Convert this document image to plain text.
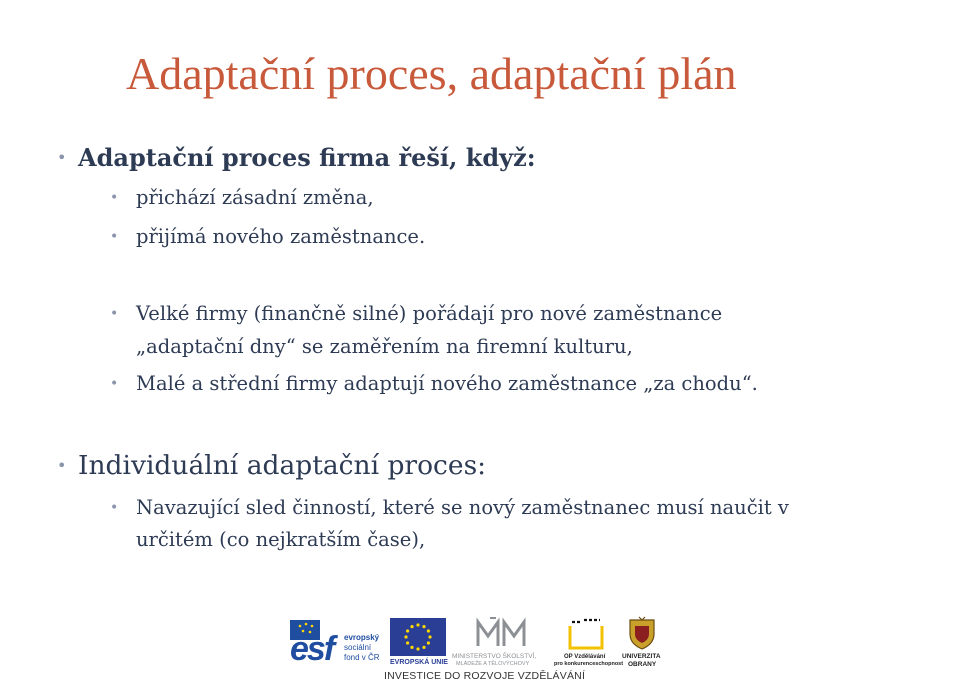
Adaptační proces, adaptační plán
• Adaptační proces firma řeší, když:
• přichází zásadní změna,
• přijímá nového zaměstnance.
• Velké firmy (finančně silné) pořádají pro nové zaměstnance
„adaptační dny“ se zaměřením na firemní kulturu,
• Malé a střední firmy adaptují nového zaměstnance „za chodu“.
• Individuální adaptační proces:
• Navazující sled činností, které se nový zaměstnanec musí naučit v
určitém (co nejkratším čase),
esf evropský
sociální
fond v ČR
EVROPSKÁ UNIE
MINISTERSTVO ŠKOLSTVÍ,
MLÁDEŽE A TĚLOVÝCHOVY
OP Vzdělávání
pro konkurenceschopnost
UNIVERZITA
OBRANY
INVESTICE DO ROZVOJE VZDĚLÁVÁNÍ
